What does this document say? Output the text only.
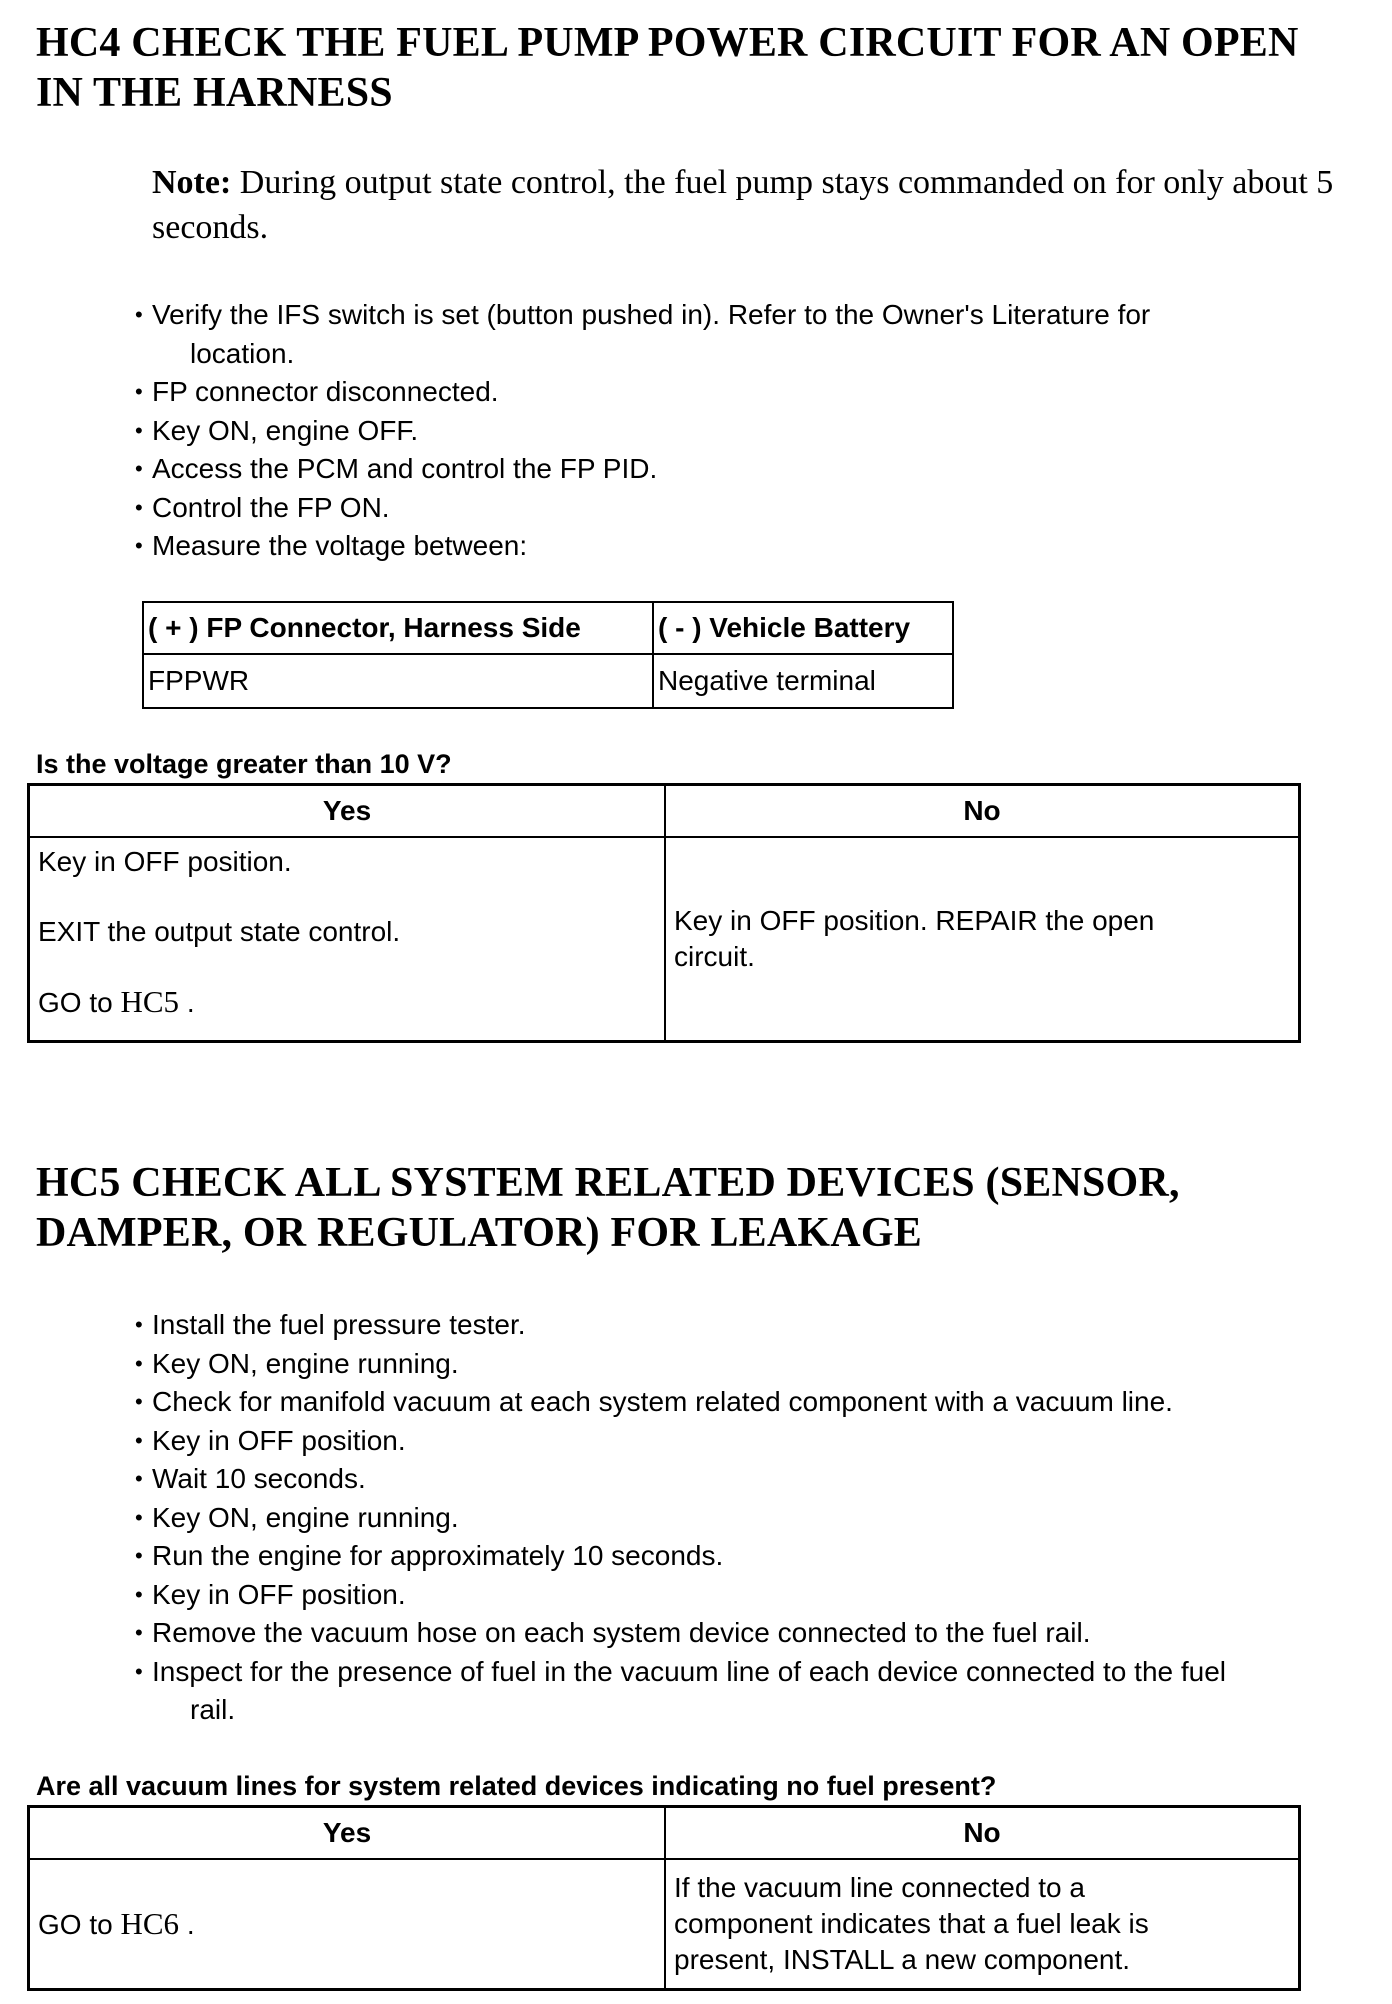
HC4 CHECK THE FUEL PUMP POWER CIRCUIT FOR AN OPEN
IN THE HARNESS
Note: During output state control, the fuel pump stays commanded on for only about 5 seconds.
• Verify the IFS switch is set (button pushed in). Refer to the Owner's Literature for
location.
• FP connector disconnected.
• Key ON, engine OFF.
• Access the PCM and control the FP PID.
• Control the FP ON.
• Measure the voltage between:
( + ) FP Connector, Harness Side	( - ) Vehicle Battery
FPPWR	Negative terminal
Is the voltage greater than 10 V?
Yes	No

Key in OFF position.
EXIT the output state control.
GO to HC5 .	Key in OFF position. REPAIR the open circuit.
HC5 CHECK ALL SYSTEM RELATED DEVICES (SENSOR,
DAMPER, OR REGULATOR) FOR LEAKAGE
• Install the fuel pressure tester.
• Key ON, engine running.
• Check for manifold vacuum at each system related component with a vacuum line.
• Key in OFF position.
• Wait 10 seconds.
• Key ON, engine running.
• Run the engine for approximately 10 seconds.
• Key in OFF position.
• Remove the vacuum hose on each system device connected to the fuel rail.
• Inspect for the presence of fuel in the vacuum line of each device connected to the fuel
rail.
Are all vacuum lines for system related devices indicating no fuel present?
Yes	No
GO to HC6 .	If the vacuum line connected to a component indicates that a fuel leak is present, INSTALL a new component.
